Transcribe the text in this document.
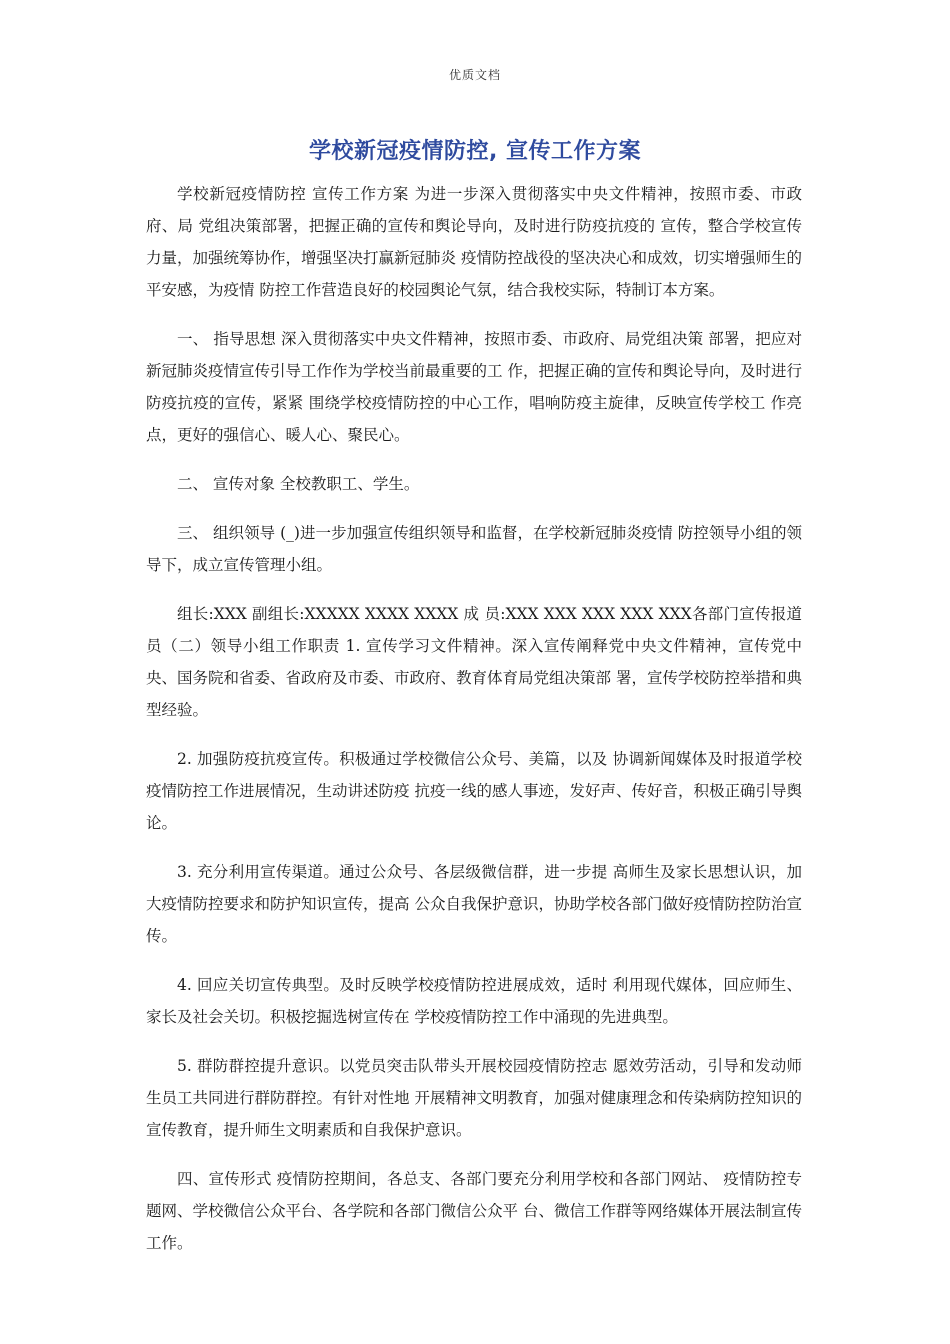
优质文档
学校新冠疫情防控, 宣传工作方案

学校新冠疫情防控 宣传工作方案 为进一步深入贯彻落实中央文件精神，按照市委、市政府、局 党组决策部署，把握正确的宣传和舆论导向，及时进行防疫抗疫的 宣传，整合学校宣传力量，加强统筹协作，增强坚决打赢新冠肺炎 疫情防控战役的坚决决心和成效，切实增强师生的平安感，为疫情 防控工作营造良好的校园舆论气氛，结合我校实际，特制订本方案。

一、 指导思想 深入贯彻落实中央文件精神，按照市委、市政府、局党组决策 部署，把应对新冠肺炎疫情宣传引导工作作为学校当前最重要的工 作，把握正确的宣传和舆论导向，及时进行防疫抗疫的宣传，紧紧 围绕学校疫情防控的中心工作，唱响防疫主旋律，反映宣传学校工 作亮点，更好的强信心、暖人心、聚民心。

二、 宣传对象 全校教职工、学生。

三、 组织领导 (_)进一步加强宣传组织领导和监督，在学校新冠肺炎疫情 防控领导小组的领导下，成立宣传管理小组。

组长:XXX 副组长:XXXXX XXXX XXXX 成 员:XXX XXX XXX XXX XXX各部门宣传报道员（二）领导小组工作职责 1. 宣传学习文件精神。深入宣传阐释党中央文件精神，宣传党中央、国务院和省委、省政府及市委、市政府、教育体育局党组决策部 署，宣传学校防控举措和典型经验。

2. 加强防疫抗疫宣传。积极通过学校微信公众号、美篇，以及 协调新闻媒体及时报道学校疫情防控工作进展情况，生动讲述防疫 抗疫一线的感人事迹，发好声、传好音，积极正确引导舆论。

3. 充分利用宣传渠道。通过公众号、各层级微信群，进一步提 高师生及家长思想认识，加大疫情防控要求和防护知识宣传，提高 公众自我保护意识，协助学校各部门做好疫情防控防治宣传。

4. 回应关切宣传典型。及时反映学校疫情防控进展成效，适时 利用现代媒体，回应师生、家长及社会关切。积极挖掘选树宣传在 学校疫情防控工作中涌现的先进典型。

5. 群防群控提升意识。以党员突击队带头开展校园疫情防控志 愿效劳活动，引导和发动师生员工共同进行群防群控。有针对性地 开展精神文明教育，加强对健康理念和传染病防控知识的宣传教育，提升师生文明素质和自我保护意识。

四、宣传形式 疫情防控期间，各总支、各部门要充分利用学校和各部门网站、 疫情防控专题网、学校微信公众平台、各学院和各部门微信公众平 台、微信工作群等网络媒体开展法制宣传工作。
